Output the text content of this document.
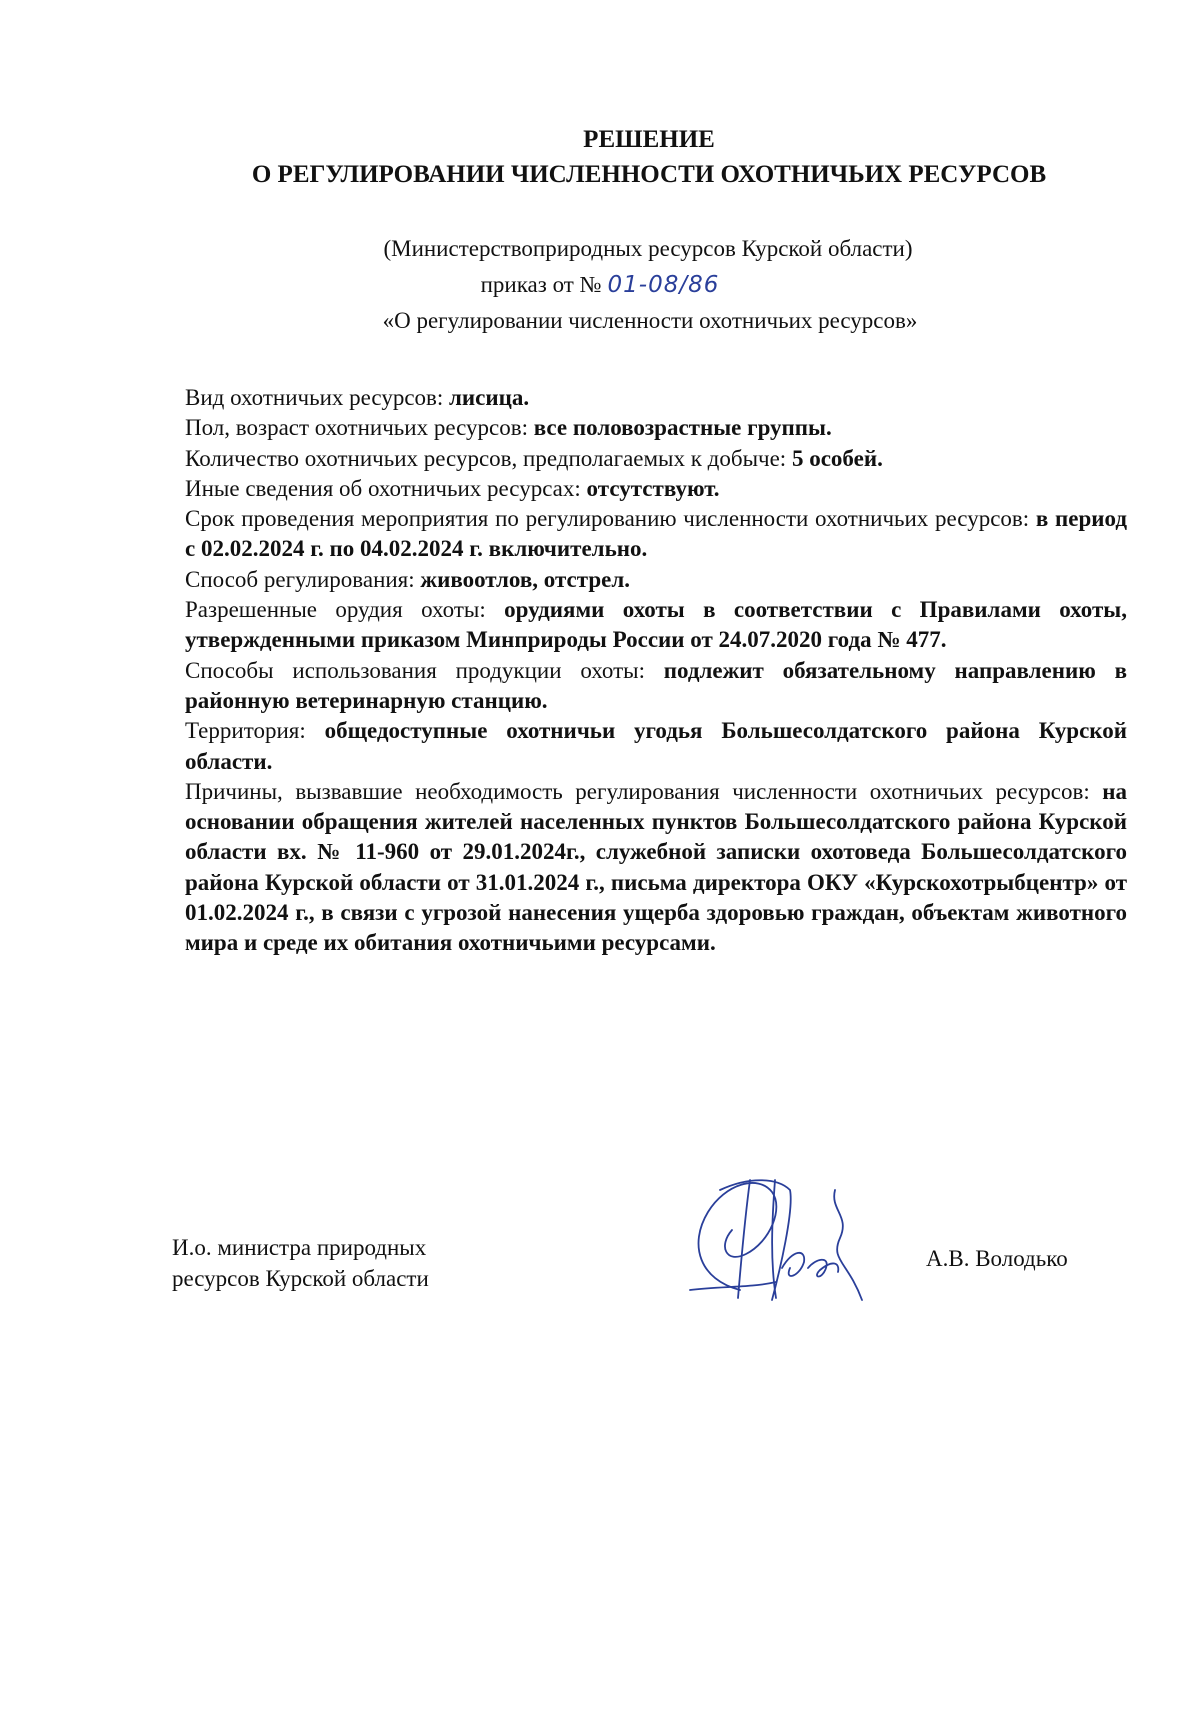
РЕШЕНИЕ
О РЕГУЛИРОВАНИИ ЧИСЛЕННОСТИ ОХОТНИЧЬИХ РЕСУРСОВ
(Министерствоприродных ресурсов Курской области)
приказ от № 01-08/86
«О регулировании численности охотничьих ресурсов»

Вид охотничьих ресурсов: лисица.

Пол, возраст охотничьих ресурсов: все половозрастные группы.

Количество охотничьих ресурсов, предполагаемых к добыче: 5 особей.

Иные сведения об охотничьих ресурсах: отсутствуют.

Срок проведения мероприятия по регулированию численности охотничьих ресурсов: в период с 02.02.2024 г. по 04.02.2024 г. включительно.

Способ регулирования: живоотлов, отстрел.

Разрешенные орудия охоты: орудиями охоты в соответствии с Правилами охоты, утвержденными приказом Минприроды России от 24.07.2020 года № 477.

Способы использования продукции охоты: подлежит обязательному направлению в районную ветеринарную станцию.

Территория: общедоступные охотничьи угодья Большесолдатского района Курской области.

Причины, вызвавшие необходимость регулирования численности охотничьих ресурсов: на основании обращения жителей населенных пунктов Большесолдатского района Курской области вх. № 11-960 от 29.01.2024г., служебной записки охотоведа Большесолдатского района Курской области от 31.01.2024 г., письма директора ОКУ «Курскохотрыбцентр» от 01.02.2024 г., в связи с угрозой нанесения ущерба здоровью граждан, объектам животного мира и среде их обитания охотничьими ресурсами.

И.о. министра природных
ресурсов Курской области
А.В. Володько
